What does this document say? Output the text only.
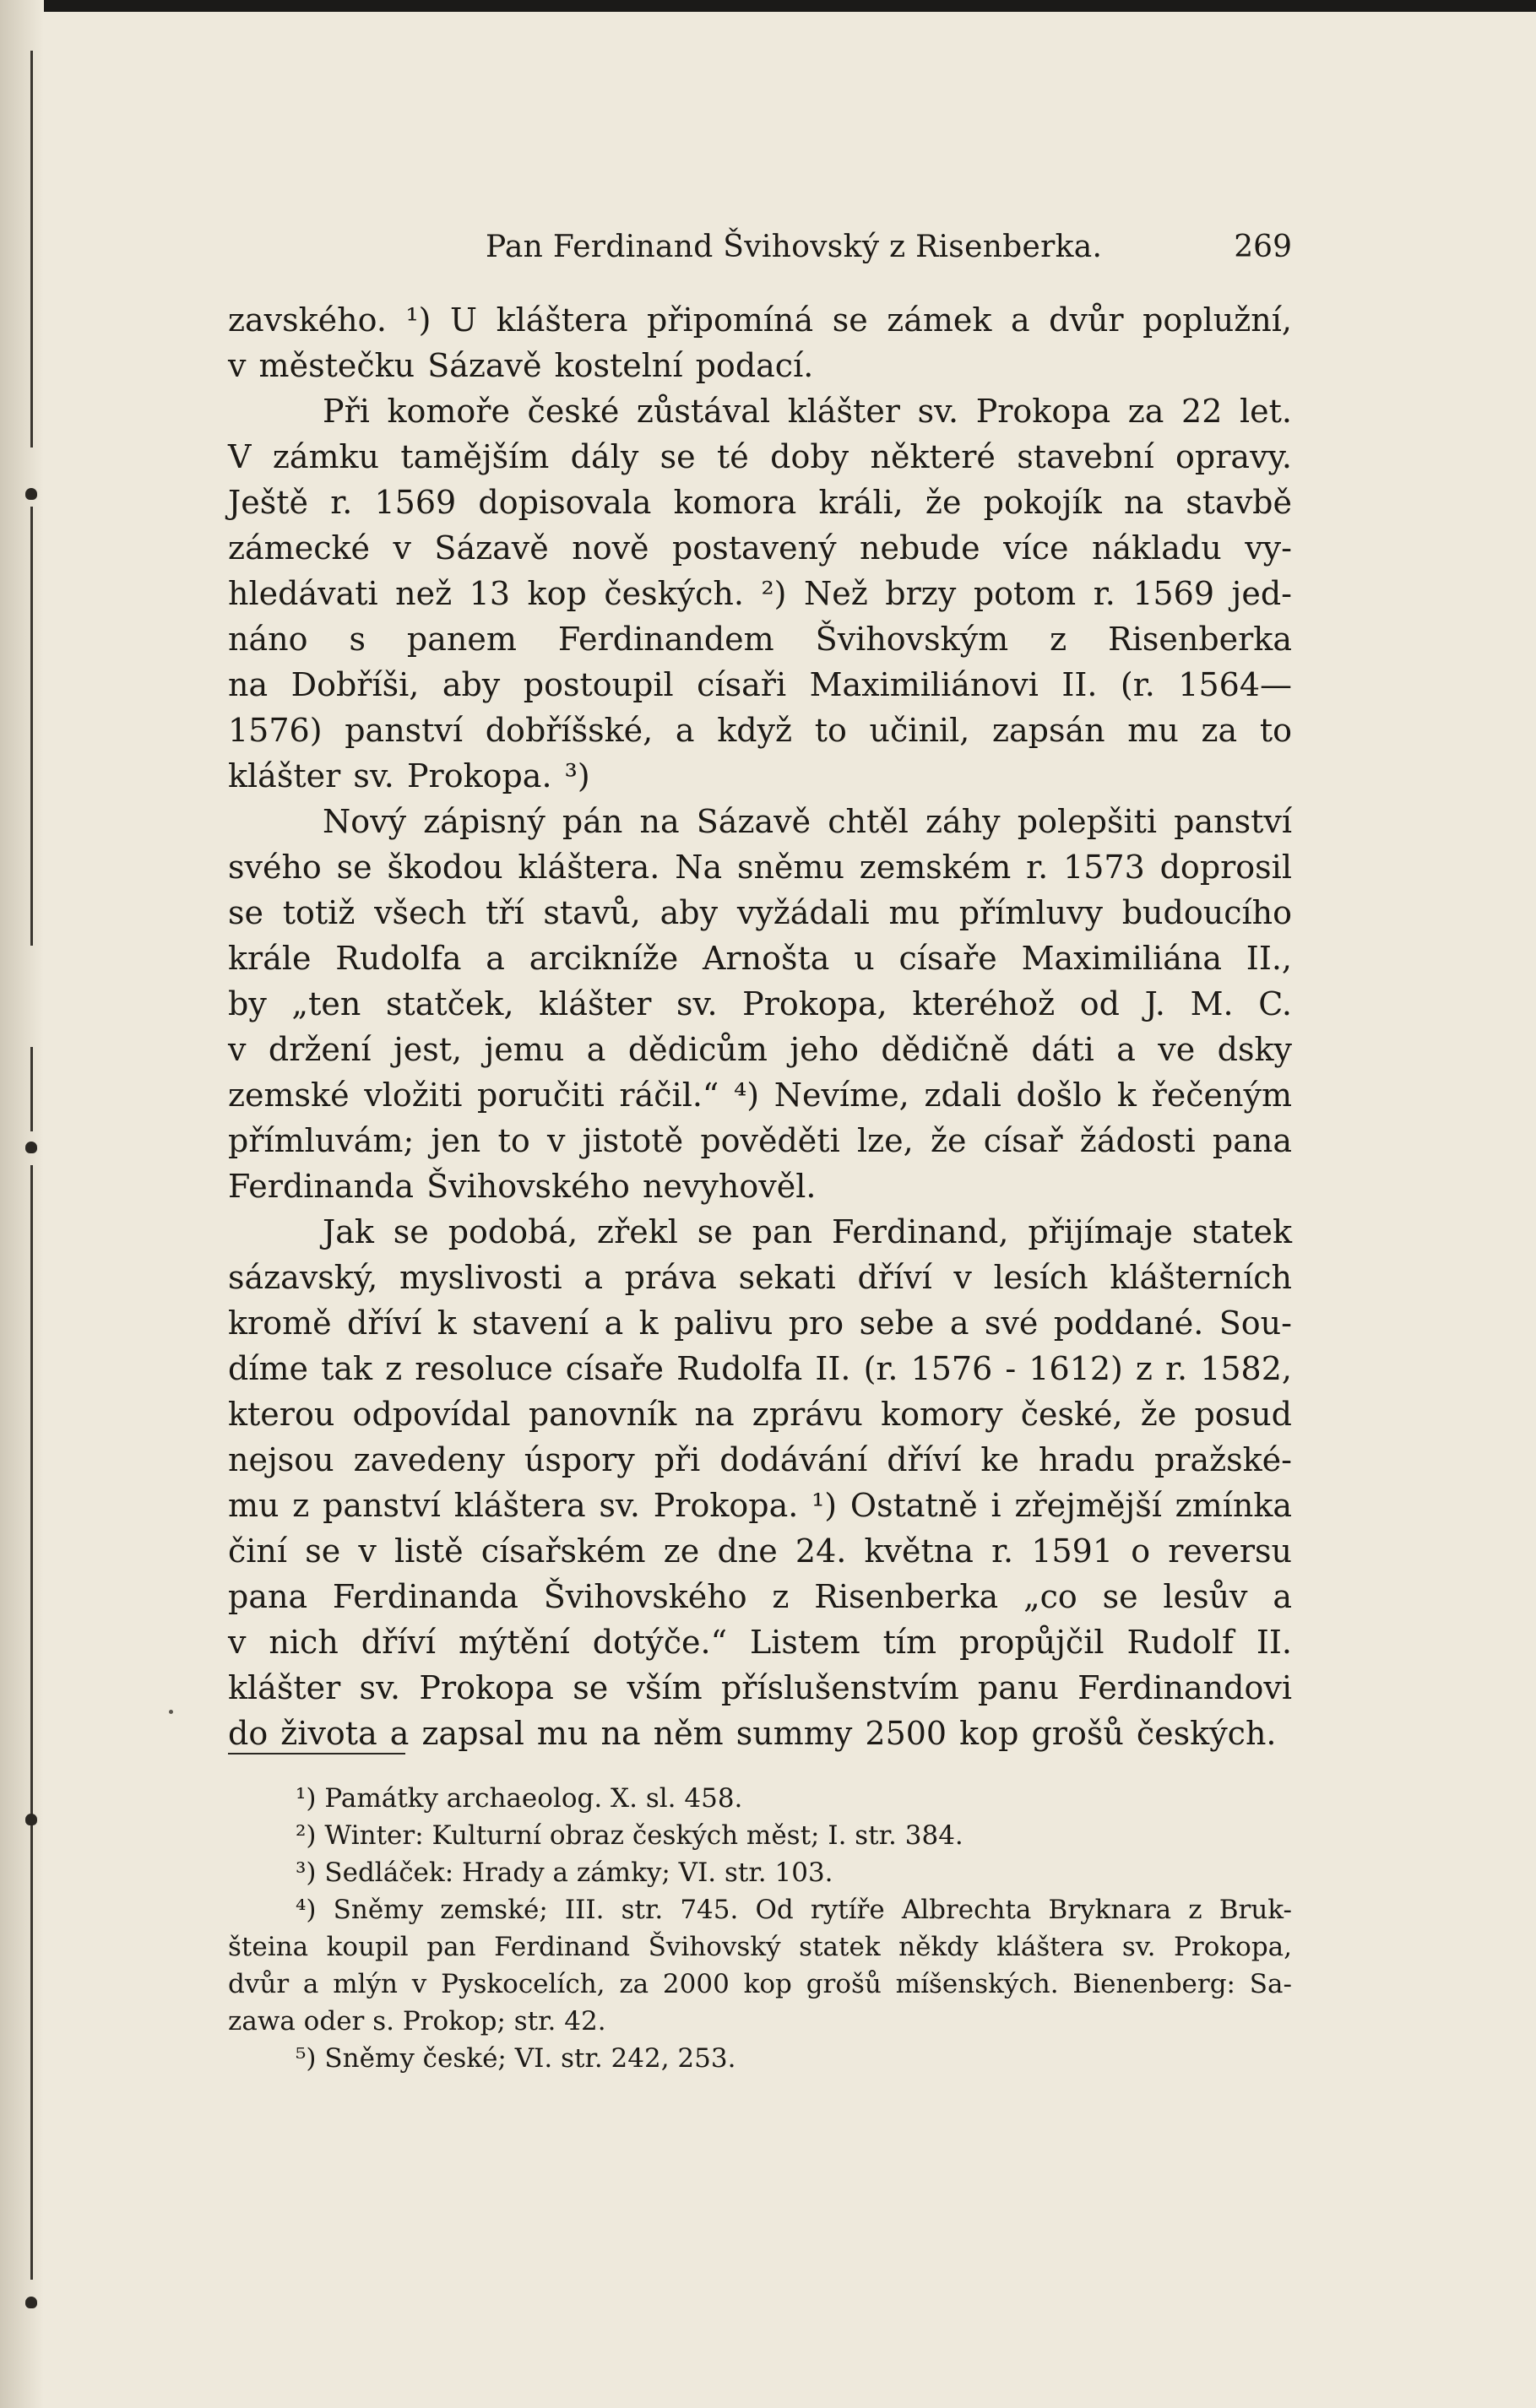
Pan Ferdinand Švihovský z Risenberka.	269
zavského. ¹) U kláštera připomíná se zámek a dvůr poplužní,
v městečku Sázavě kostelní podací.
Při komoře české zůstával klášter sv. Prokopa za 22 let.
V zámku tamějším dály se té doby některé stavební opravy.
Ještě r. 1569 dopisovala komora králi, že pokojík na stavbě
zámecké v Sázavě nově postavený nebude více nákladu vy-
hledávati než 13 kop českých. ²) Než brzy potom r. 1569 jed-
náno s panem Ferdinandem Švihovským z Risenberka
na Dobříši, aby postoupil císaři Maximiliánovi II. (r. 1564—
1576) panství dobříšské, a když to učinil, zapsán mu za to
klášter sv. Prokopa. ³)
Nový zápisný pán na Sázavě chtěl záhy polepšiti panství
svého se škodou kláštera. Na sněmu zemském r. 1573 doprosil
se totiž všech tří stavů, aby vyžádali mu přímluvy budoucího
krále Rudolfa a arcikníže Arnošta u císaře Maximiliána II.,
by „ten statček, klášter sv. Prokopa, kteréhož od J. M. C.
v držení jest, jemu a dědicům jeho dědičně dáti a ve dsky
zemské vložiti poručiti ráčil.“ ⁴) Nevíme, zdali došlo k řečeným
přímluvám; jen to v jistotě pověděti lze, že císař žádosti pana
Ferdinanda Švihovského nevyhověl.
Jak se podobá, zřekl se pan Ferdinand, přijímaje statek
sázavský, myslivosti a práva sekati dříví v lesích klášterních
kromě dříví k stavení a k palivu pro sebe a své poddané. Sou-
díme tak z resoluce císaře Rudolfa II. (r. 1576 - 1612) z r. 1582,
kterou odpovídal panovník na zprávu komory české, že posud
nejsou zavedeny úspory při dodávání dříví ke hradu pražské-
mu z panství kláštera sv. Prokopa. ¹) Ostatně i zřejmější zmínka
činí se v listě císařském ze dne 24. května r. 1591 o reversu
pana Ferdinanda Švihovského z Risenberka „co se lesův a
v nich dříví mýtění dotýče.“ Listem tím propůjčil Rudolf II.
klášter sv. Prokopa se vším příslušenstvím panu Ferdinandovi
do života a zapsal mu na něm summy 2500 kop grošů českých.
¹) Památky archaeolog. X. sl. 458.
²) Winter: Kulturní obraz českých měst; I. str. 384.
³) Sedláček: Hrady a zámky; VI. str. 103.
⁴) Sněmy zemské; III. str. 745. Od rytíře Albrechta Bryknara z Bruk-
šteina koupil pan Ferdinand Švihovský statek někdy kláštera sv. Prokopa,
dvůr a mlýn v Pyskocelích, za 2000 kop grošů míšenských. Bienenberg: Sa-
zawa oder s. Prokop; str. 42.
⁵) Sněmy české; VI. str. 242, 253.
